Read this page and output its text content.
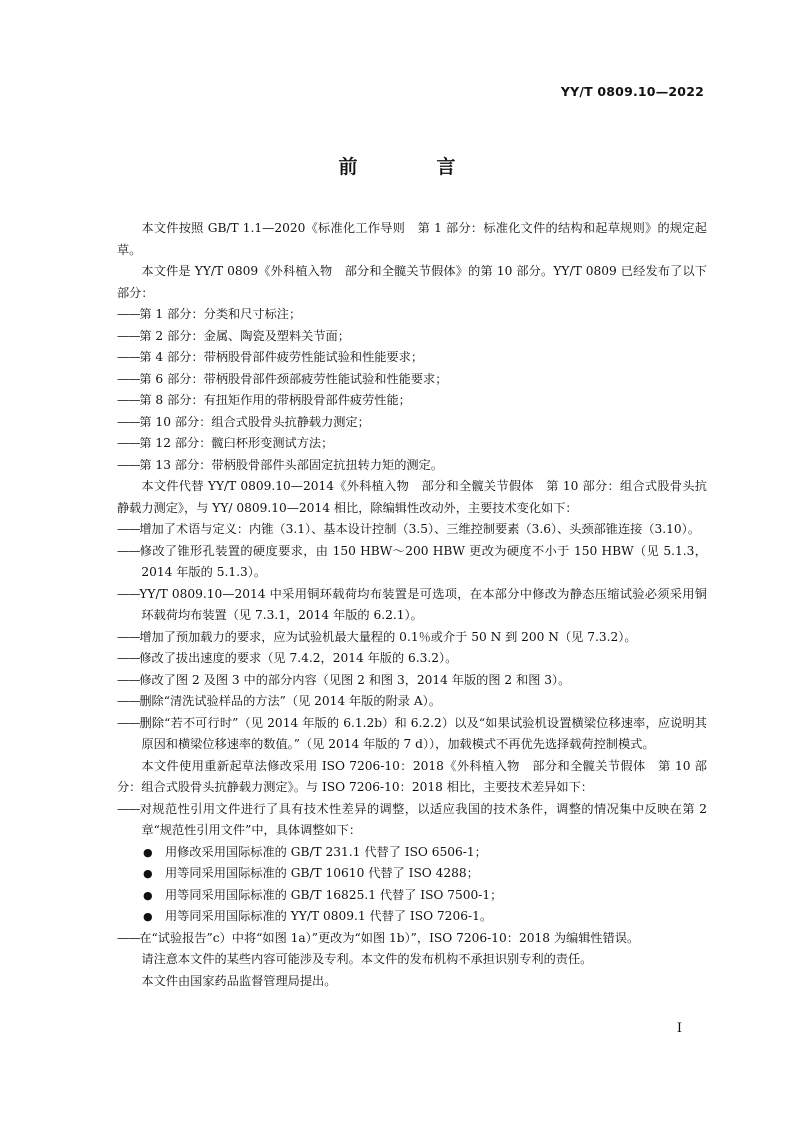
YY/T 0809.10—2022
前　言

本文件按照 GB/T 1.1—2020《标准化工作导则　第 1 部分：标准化文件的结构和起草规则》的规定起草。

本文件是 YY/T 0809《外科植入物　部分和全髋关节假体》的第 10 部分。YY/T 0809 已经发布了以下部分：

—— 第 1 部分：分类和尺寸标注；

—— 第 2 部分：金属、陶瓷及塑料关节面；

—— 第 4 部分：带柄股骨部件疲劳性能试验和性能要求；

—— 第 6 部分：带柄股骨部件颈部疲劳性能试验和性能要求；

—— 第 8 部分：有扭矩作用的带柄股骨部件疲劳性能；

—— 第 10 部分：组合式股骨头抗静载力测定；

—— 第 12 部分：髋臼杯形变测试方法；

—— 第 13 部分：带柄股骨部件头部固定抗扭转力矩的测定。

本文件代替 YY/T 0809.10—2014《外科植入物　部分和全髋关节假体　第 10 部分：组合式股骨头抗静载力测定》，与 YY/ 0809.10—2014 相比，除编辑性改动外，主要技术变化如下：

—— 增加了术语与定义：内锥（3.1）、基本设计控制（3.5）、三维控制要素（3.6）、头颈部锥连接（3.10）。

—— 修改了锥形孔装置的硬度要求，由 150 HBW～200 HBW 更改为硬度不小于 150 HBW（见 5.1.3，2014 年版的 5.1.3）。

—— YY/T 0809.10—2014 中采用铜环载荷均布装置是可选项，在本部分中修改为静态压缩试验必须采用铜环载荷均布装置（见 7.3.1，2014 年版的 6.2.1）。

—— 增加了预加载力的要求，应为试验机最大量程的 0.1％或介于 50 N 到 200 N（见 7.3.2）。

—— 修改了拔出速度的要求（见 7.4.2，2014 年版的 6.3.2）。

—— 修改了图 2 及图 3 中的部分内容（见图 2 和图 3，2014 年版的图 2 和图 3）。

—— 删除“清洗试验样品的方法”（见 2014 年版的附录 A）。

—— 删除“若不可行时”（见 2014 年版的 6.1.2b）和 6.2.2）以及“如果试验机设置横梁位移速率，应说明其原因和横梁位移速率的数值。”（见 2014 年版的 7 d）），加载模式不再优先选择载荷控制模式。

本文件使用重新起草法修改采用 ISO 7206-10：2018《外科植入物　部分和全髋关节假体　第 10 部分：组合式股骨头抗静载力测定》。与 ISO 7206-10：2018 相比，主要技术差异如下：

—— 对规范性引用文件进行了具有技术性差异的调整，以适应我国的技术条件，调整的情况集中反映在第 2 章“规范性引用文件”中，具体调整如下：

● 用修改采用国际标准的 GB/T 231.1 代替了 ISO 6506-1；
● 用等同采用国际标准的 GB/T 10610 代替了 ISO 4288；
● 用等同采用国际标准的 GB/T 16825.1 代替了 ISO 7500-1；
● 用等同采用国际标准的 YY/T 0809.1 代替了 ISO 7206-1。

—— 在“试验报告”c）中将“如图 1a）”更改为“如图 1b）”，ISO 7206-10：2018 为编辑性错误。

请注意本文件的某些内容可能涉及专利。本文件的发布机构不承担识别专利的责任。

本文件由国家药品监督管理局提出。

I
